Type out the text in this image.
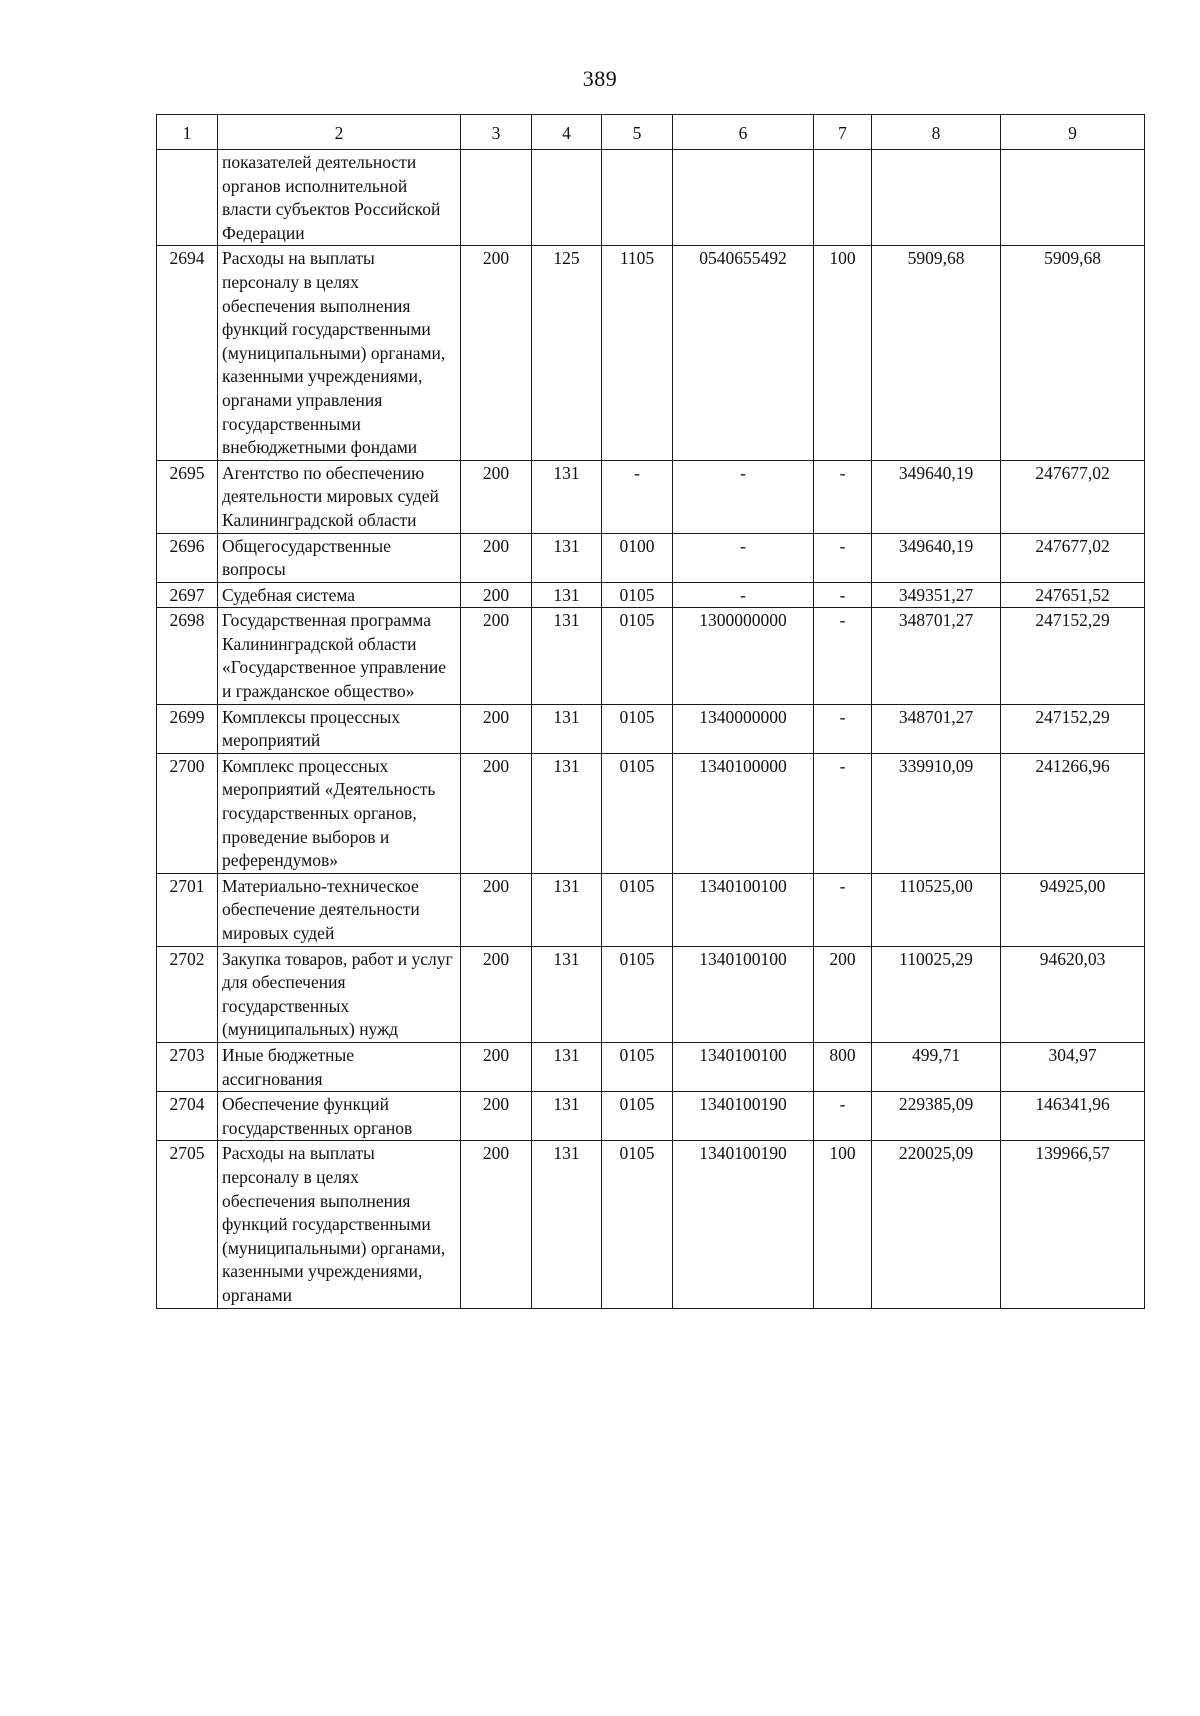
389
1	2	3	4	5	6	7	8	9
	показателей деятельности органов исполнительной власти субъектов Российской Федерации							
2694	Расходы на выплаты персоналу в целях обеспечения выполнения функций государственными (муниципальными) органами, казенными учреждениями, органами управления государственными внебюджетными фондами	200	125	1105	0540655492	100	5909,68	5909,68
2695	Агентство по обеспечению деятельности мировых судей Калининградской области	200	131	-	-	-	349640,19	247677,02
2696	Общегосударственные вопросы	200	131	0100	-	-	349640,19	247677,02
2697	Судебная система	200	131	0105	-	-	349351,27	247651,52
2698	Государственная программа Калининградской области «Государственное управление и гражданское общество»	200	131	0105	1300000000	-	348701,27	247152,29
2699	Комплексы процессных мероприятий	200	131	0105	1340000000	-	348701,27	247152,29
2700	Комплекс процессных мероприятий «Деятельность государственных органов, проведение выборов и референдумов»	200	131	0105	1340100000	-	339910,09	241266,96
2701	Материально-техническое обеспечение деятельности мировых судей	200	131	0105	1340100100	-	110525,00	94925,00
2702	Закупка товаров, работ и услуг для обеспечения государственных (муниципальных) нужд	200	131	0105	1340100100	200	110025,29	94620,03
2703	Иные бюджетные ассигнования	200	131	0105	1340100100	800	499,71	304,97
2704	Обеспечение функций государственных органов	200	131	0105	1340100190	-	229385,09	146341,96
2705	Расходы на выплаты персоналу в целях обеспечения выполнения функций государственными (муниципальными) органами, казенными учреждениями, органами	200	131	0105	1340100190	100	220025,09	139966,57
